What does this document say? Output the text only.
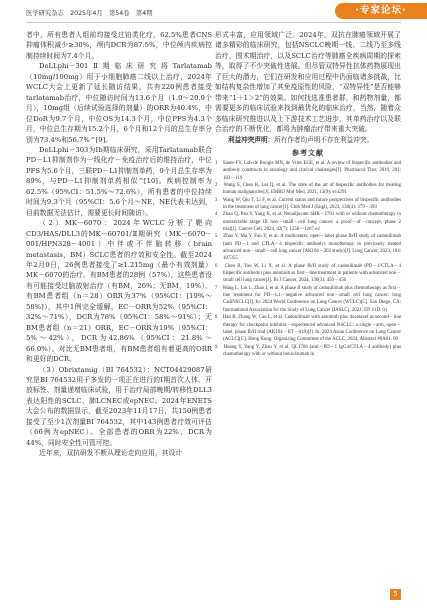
医学研究杂志　2025年4月　第54卷　第4期	·专家论坛·

者中，所有患者人组前均接受过铂类化疗，62.5%患者CNS抑瘤体积减少≥30%，颅内DCR为87.5%，中位颅内疾病控制持续时间为7.4个月。

DeLLphi－301Ⅱ期临床研究将Tarlatamab（10mg/100mg）用于小细胞肺癌二线以上治疗，2024年WCLC大会上更新了延长随访结果，共有220例患者接受tarlatamab治疗，中位随访时间为13.6个月（1.0～20.9个月），10mg组（后续试验选择的剂量）的ORR为40.4%，中位DoR为9.7个月，中位OS为14.3个月，中位PFS为4.3个月，中位总生存期为15.2个月，6个月和12个月的总生存率分别为73.4%和56.7%^[9]。

DeLLphi－303为Ⅰb期临床研究，采用Tarlatamab联合PD－L1抑制剂作为一线化疗－免疫治疗后的维持治疗，中位PFS为5.6个月，三联PD－L1抑制剂单药，9个月总生存率为89%，与PD－L1抑制剂单药相似^[10]。疾病控制率为62.5%（95%CI：51.5%～72.6%），所有患者的中位持续时间为9.3个月（95%CI：5.6个月～NE，NE代表未达到，目前数据无法估计，需要更长时间随访）。

（2）MK－6070：2024年WCLC分析了靶向CD3/HAS/DLL3的MK－6070Ⅰ/Ⅱ期研究（MK－6070－001/HPN328－4001）中伴或不伴脑转移（brain metastasis，BM）SCLC患者的疗效和安全性。截至2024年2月9日，26例患者接受了≥1.215mg（最小有效剂量）MK－6070的治疗。有BM患者的28例（57%），这些患者没有可能接受过脑放射治疗（有BM，26%；无BM，19%）。有BM患者组（n＝28）ORR为37%（95%CI：[19%～58%]），其中1例完全缓解，EC－ORR为52%（95%CI：32%～71%），DCR为78%（95%CI：58%～91%）；无BM患者组（n＝21）ORR，EC－ORR为19%（95%CI：5%～42%），DCR为42.86%（95%CI：21.8%～66.0%）。对比无BM患者组，有BM患者组有着更高的ORR和更好的DCR。

（3）Obrixtamig（BI 764532）：NCT04429087研究是BI 764532用于多发的一项正在进行的Ⅰ期首次人体、开放标签、剂量递增临床试验，用于治疗局部晚期/转移性DLL3表达阳性的SCLC、肺LCNEC或epNEC。2024年ENETS大会公布的数据显示，截至2023年11月17日，共150例患者接受了至少1次剂量BI 764532，其中143例患者疗效可评估（66例为epNEC）。全部患者的ORR为22%，DCR为44%，同时安全性可管可控。

近年来，双抗研发不断从理论走向应用，其设计

形式丰富，应用领域广泛。2024年，双抗在肺癌领域开展了诸多精彩的临床研究，包括NSCLC晚期一线、二线乃至多线治疗，围术期治疗，以及SCLC治疗等肺癌全疾病周期的探索等，取得了不少突破性进展。但尽管双特异性抗体药物展现出了巨大的潜力，它们在研发和应用过程中仍面临诸多挑战，比如结构复杂性增加了其免疫原性的风险，“双特异性”是否能够带来“1＋1＞2”的效果。如何找选准患者群，和药物剂量，都需要更多的临床试验来找到最优化的临床治疗，当然，随着众多临床研究推进以及上下游技术工艺进步，其单药治疗以及联合治疗的不断优化，都将为肿瘤治疗带来重大突破。

利益冲突声明：所有作者均声明不存在利益冲突。

参考文献

1　Sauer-FY, Loh-de Boogie MN, de Vries EGE, et al. A review of bispecific antibodies and antibody constructs in oncology and clinical challenges[J]. Pharmacol Ther, 2019, 201: 103－119

2　Wang S, Chen K, Lei Q, et al. The state of the art of bispecific antibodies for treating human malignancies[J]. EMBO Mol Med, 2021, 13(9): e14291

3　Wang W, Qiu T, Li F, et al. Current status and future perspectives of bispecific antibodies in the treatment of lung cancer[J]. Chin Med J (Engl), 2023, 136(4): 379－393

4　Zhao Q, Pan Y, Yang X, et al. Neoadjuvant SHR－1701 with or without chemotherapy in unresectable stage III non－small－cell lung cancer: a proof－of－concept, phase 2 trial[J]. Cancer Cell, 2024, 42(7): 1258－1267.e2

5　Zhao Y, Ma Y, Fan Y, et al. A multicenter, open－label phase Ib/II study of cadonilimab (anti PD－1 and CTLA－4 bispecific antibody) monotherapy in previously treated advanced non－small－cell lung cancer (AK104－202 study)[J]. Lung Cancer, 2023, 184: 107355

6　Chen B, Yao W, Li X, et al. A phase Ib/II study of cadonilimab (PD－1/CTLA－4 bispecific antibody) plus anlotinib as first－line treatment in patients with advanced non－small cell lung cancer[J]. Br J Cancer, 2024, 130(3): 450－456

7　Wang L, Liu L, Zhao J, et al. A phase II study of cadonilimab plus chemotherapy as first－line treatment for PD－L1－negative advanced non－small cell lung cancer: long CadiNSCLC[J]. In: 2024 World Conference on Lung Cancer (WCLC)[C]. San Diego, CA: International Association for the Study of Lung Cancer (IASLC), 2024: EP. 11D. 01

8　Han B, Zhang W, Cao L, et al. Cadonilimab with anlotinib plus docetaxel as second－line therapy for checkpoint inhibitor－experienced advanced NSCLC: a single－arm, open－label, phase Ib/II trial (AK104－IIT－018)[J]. In: 2024 Asian Conference on Lung Cancer (ACLC)[C]. Hong Kong: Organizing Committee of the ACLC, 2024, Abstract #0A01. 09

9　Huang Y, Yang Y, Zhao Y, et al. QL1706 (anti－PD－1 IgG4/CTLA－4 antibody) plus chemotherapy with or without bevacizumab in

5
